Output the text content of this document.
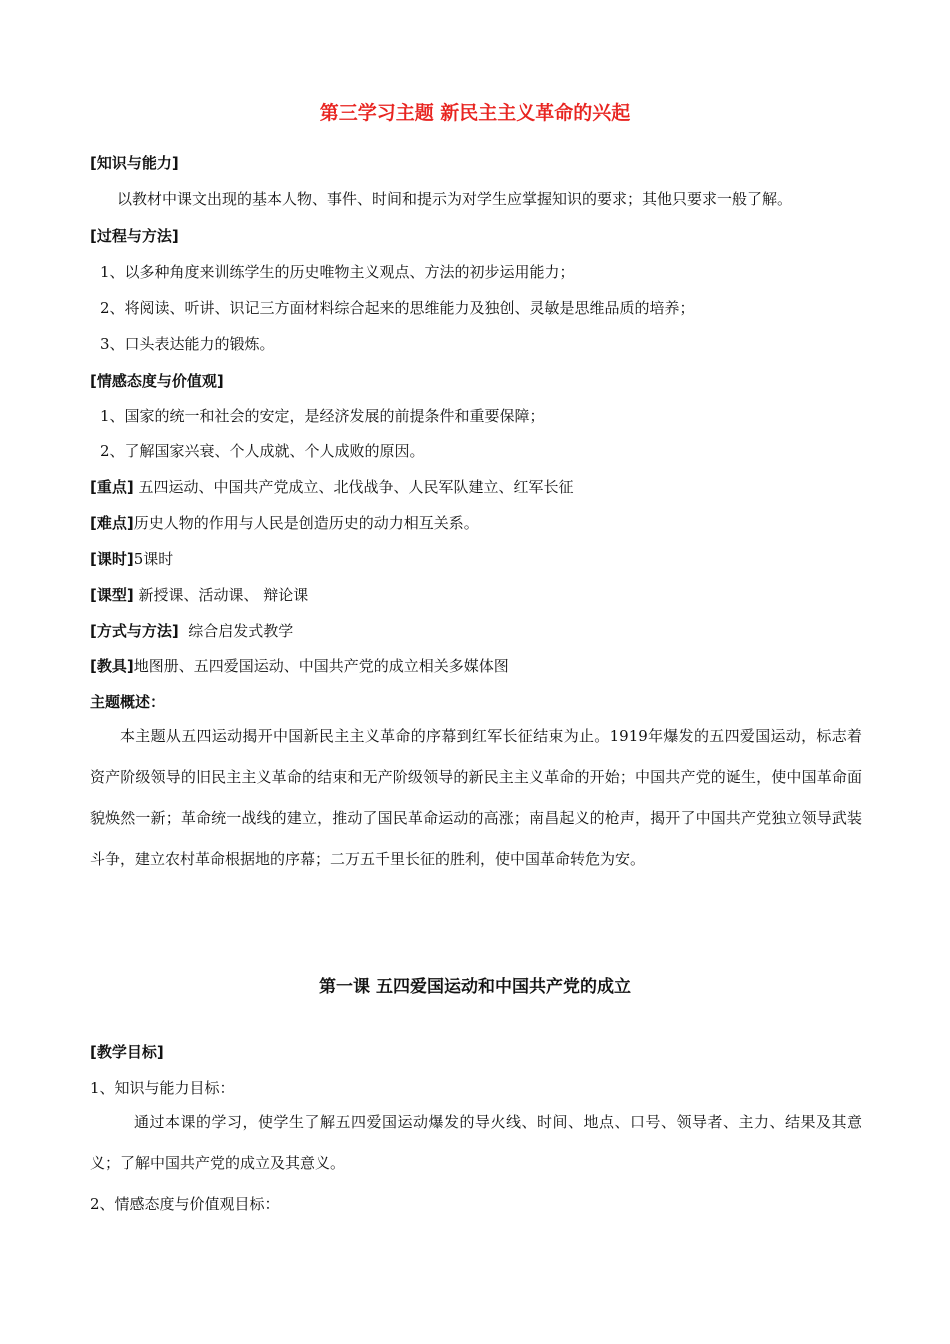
第三学习主题 新民主主义革命的兴起
[知识与能力]
以教材中课文出现的基本人物、事件、时间和提示为对学生应掌握知识的要求；其他只要求一般了解。
[过程与方法]
1、以多种角度来训练学生的历史唯物主义观点、方法的初步运用能力；
2、将阅读、听讲、识记三方面材料综合起来的思维能力及独创、灵敏是思维品质的培养；
3、口头表达能力的锻炼。
[情感态度与价值观]
1、国家的统一和社会的安定，是经济发展的前提条件和重要保障；
2、了解国家兴衰、个人成就、个人成败的原因。
[重点] 五四运动、中国共产党成立、北伐战争、人民军队建立、红军长征
[难点]历史人物的作用与人民是创造历史的动力相互关系。
[课时]5课时
[课型] 新授课、活动课、 辩论课
[方式与方法]  综合启发式教学
[教具]地图册、五四爱国运动、中国共产党的成立相关多媒体图
主题概述：
本主题从五四运动揭开中国新民主主义革命的序幕到红军长征结束为止。1919年爆发的五四爱国运动，标志着资产阶级领导的旧民主主义革命的结束和无产阶级领导的新民主主义革命的开始；中国共产党的诞生，使中国革命面貌焕然一新；革命统一战线的建立，推动了国民革命运动的高涨；南昌起义的枪声，揭开了中国共产党独立领导武装斗争，建立农村革命根据地的序幕；二万五千里长征的胜利，使中国革命转危为安。
第一课 五四爱国运动和中国共产党的成立
[教学目标]
1、知识与能力目标：
通过本课的学习，使学生了解五四爱国运动爆发的导火线、时间、地点、口号、领导者、主力、结果及其意义；了解中国共产党的成立及其意义。
2、情感态度与价值观目标：
